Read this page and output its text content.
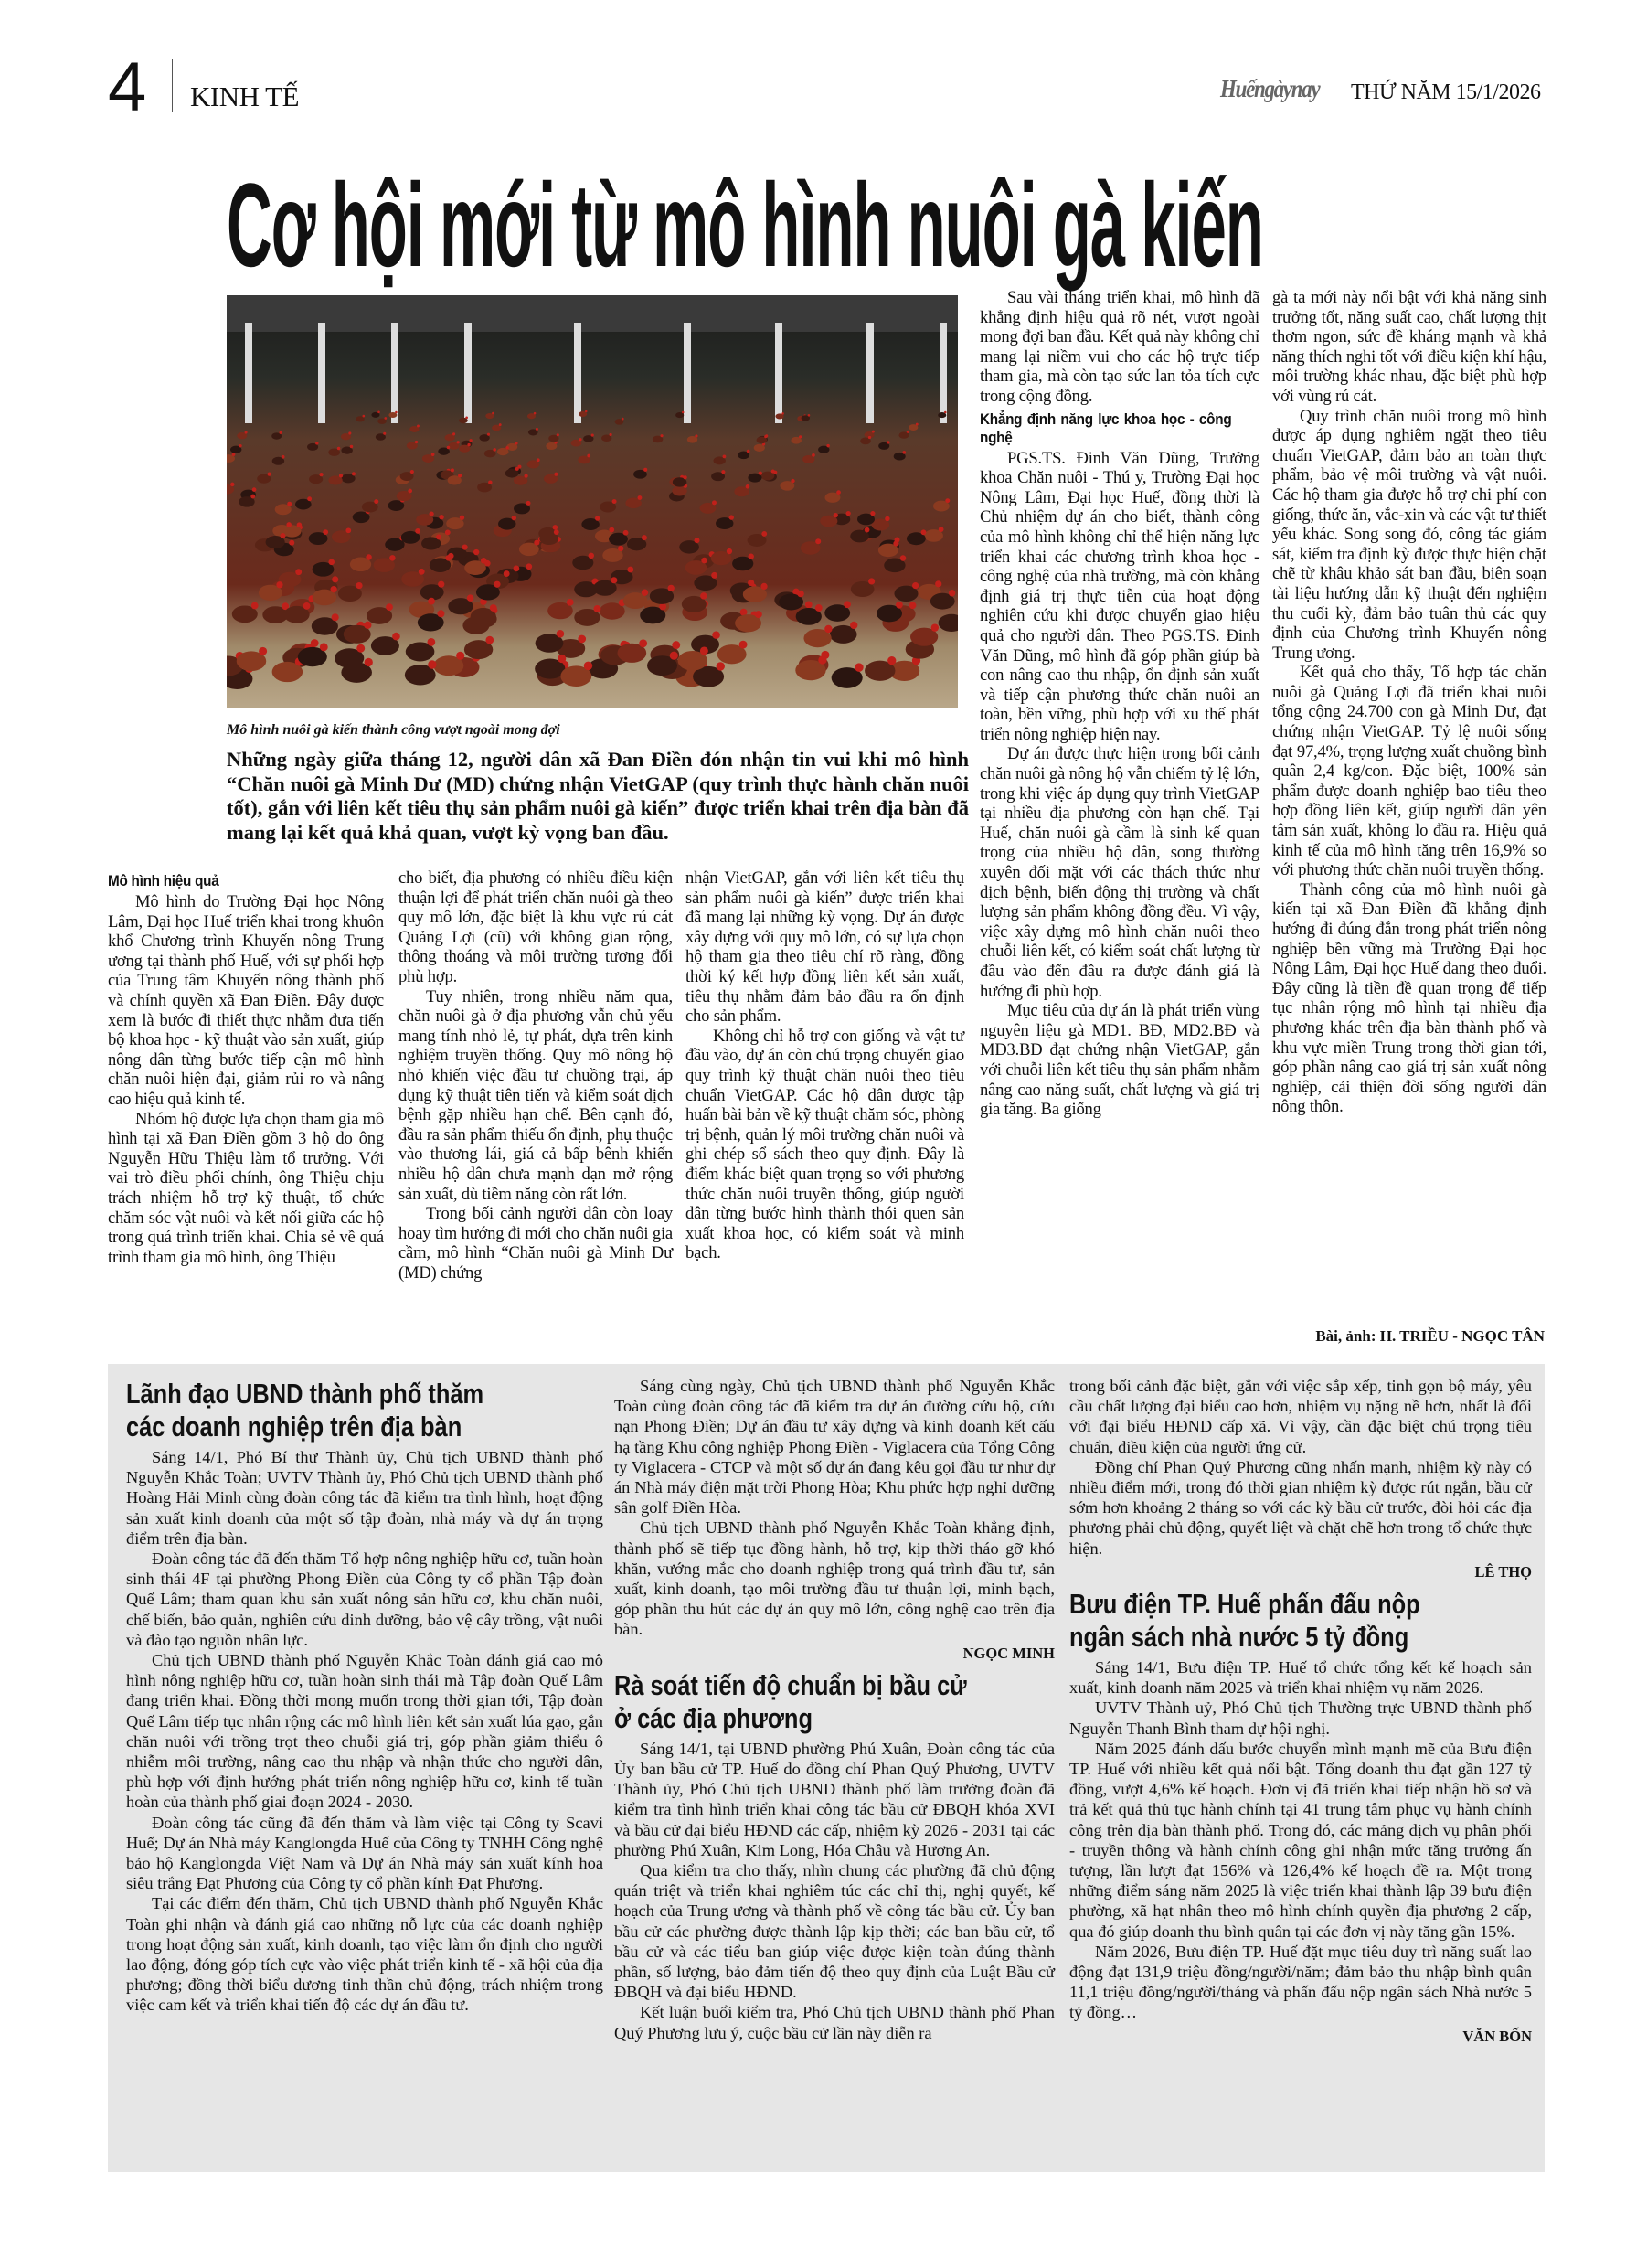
4 KINH TẾ	Huếngàynay THỨ NĂM 15/1/2026
Cơ hội mới từ mô hình nuôi gà kiến
Mô hình nuôi gà kiến thành công vượt ngoài mong đợi
Những ngày giữa tháng 12, người dân xã Đan Điền đón nhận tin vui khi mô hình “Chăn nuôi gà Minh Dư (MD) chứng nhận VietGAP (quy trình thực hành chăn nuôi tốt), gắn với liên kết tiêu thụ sản phẩm nuôi gà kiến” được triển khai trên địa bàn đã mang lại kết quả khả quan, vượt kỳ vọng ban đầu.
Mô hình hiệu quả

Mô hình do Trường Đại học Nông Lâm, Đại học Huế triển khai trong khuôn khổ Chương trình Khuyến nông Trung ương tại thành phố Huế, với sự phối hợp của Trung tâm Khuyến nông thành phố và chính quyền xã Đan Điền. Đây được xem là bước đi thiết thực nhằm đưa tiến bộ khoa học - kỹ thuật vào sản xuất, giúp nông dân từng bước tiếp cận mô hình chăn nuôi hiện đại, giảm rủi ro và nâng cao hiệu quả kinh tế.

Nhóm hộ được lựa chọn tham gia mô hình tại xã Đan Điền gồm 3 hộ do ông Nguyễn Hữu Thiệu làm tổ trưởng. Với vai trò điều phối chính, ông Thiệu chịu trách nhiệm hỗ trợ kỹ thuật, tổ chức chăm sóc vật nuôi và kết nối giữa các hộ trong quá trình triển khai. Chia sẻ về quá trình tham gia mô hình, ông Thiệu

cho biết, địa phương có nhiều điều kiện thuận lợi để phát triển chăn nuôi gà theo quy mô lớn, đặc biệt là khu vực rú cát Quảng Lợi (cũ) với không gian rộng, thông thoáng và môi trường tương đối phù hợp.

Tuy nhiên, trong nhiều năm qua, chăn nuôi gà ở địa phương vẫn chủ yếu mang tính nhỏ lẻ, tự phát, dựa trên kinh nghiệm truyền thống. Quy mô nông hộ nhỏ khiến việc đầu tư chuồng trại, áp dụng kỹ thuật tiên tiến và kiểm soát dịch bệnh gặp nhiều hạn chế. Bên cạnh đó, đầu ra sản phẩm thiếu ổn định, phụ thuộc vào thương lái, giá cả bấp bênh khiến nhiều hộ dân chưa mạnh dạn mở rộng sản xuất, dù tiềm năng còn rất lớn.

Trong bối cảnh người dân còn loay hoay tìm hướng đi mới cho chăn nuôi gia cầm, mô hình “Chăn nuôi gà Minh Dư (MD) chứng

nhận VietGAP, gắn với liên kết tiêu thụ sản phẩm nuôi gà kiến” được triển khai đã mang lại những kỳ vọng. Dự án được xây dựng với quy mô lớn, có sự lựa chọn hộ tham gia theo tiêu chí rõ ràng, đồng thời ký kết hợp đồng liên kết sản xuất, tiêu thụ nhằm đảm bảo đầu ra ổn định cho sản phẩm.

Không chỉ hỗ trợ con giống và vật tư đầu vào, dự án còn chú trọng chuyển giao quy trình kỹ thuật chăn nuôi theo tiêu chuẩn VietGAP. Các hộ dân được tập huấn bài bản về kỹ thuật chăm sóc, phòng trị bệnh, quản lý môi trường chăn nuôi và ghi chép sổ sách theo quy định. Đây là điểm khác biệt quan trọng so với phương thức chăn nuôi truyền thống, giúp người dân từng bước hình thành thói quen sản xuất khoa học, có kiểm soát và minh bạch.

Sau vài tháng triển khai, mô hình đã khẳng định hiệu quả rõ nét, vượt ngoài mong đợi ban đầu. Kết quả này không chỉ mang lại niềm vui cho các hộ trực tiếp tham gia, mà còn tạo sức lan tỏa tích cực trong cộng đồng.

Khẳng định năng lực khoa học - công nghệ

PGS.TS. Đinh Văn Dũng, Trưởng khoa Chăn nuôi - Thú y, Trường Đại học Nông Lâm, Đại học Huế, đồng thời là Chủ nhiệm dự án cho biết, thành công của mô hình không chỉ thể hiện năng lực triển khai các chương trình khoa học - công nghệ của nhà trường, mà còn khẳng định giá trị thực tiễn của hoạt động nghiên cứu khi được chuyển giao hiệu quả cho người dân. Theo PGS.TS. Đinh Văn Dũng, mô hình đã góp phần giúp bà con nâng cao thu nhập, ổn định sản xuất và tiếp cận phương thức chăn nuôi an toàn, bền vững, phù hợp với xu thế phát triển nông nghiệp hiện nay.

Dự án được thực hiện trong bối cảnh chăn nuôi gà nông hộ vẫn chiếm tỷ lệ lớn, trong khi việc áp dụng quy trình VietGAP tại nhiều địa phương còn hạn chế. Tại Huế, chăn nuôi gà cầm là sinh kế quan trọng của nhiều hộ dân, song thường xuyên đối mặt với các thách thức như dịch bệnh, biến động thị trường và chất lượng sản phẩm không đồng đều. Vì vậy, việc xây dựng mô hình chăn nuôi theo chuỗi liên kết, có kiểm soát chất lượng từ đầu vào đến đầu ra được đánh giá là hướng đi phù hợp.

Mục tiêu của dự án là phát triển vùng nguyên liệu gà MD1. BĐ, MD2.BĐ và MD3.BĐ đạt chứng nhận VietGAP, gắn với chuỗi liên kết tiêu thụ sản phẩm nhằm nâng cao năng suất, chất lượng và giá trị gia tăng. Ba giống

gà ta mới này nổi bật với khả năng sinh trưởng tốt, năng suất cao, chất lượng thịt thơm ngon, sức đề kháng mạnh và khả năng thích nghi tốt với điều kiện khí hậu, môi trường khác nhau, đặc biệt phù hợp với vùng rú cát.

Quy trình chăn nuôi trong mô hình được áp dụng nghiêm ngặt theo tiêu chuẩn VietGAP, đảm bảo an toàn thực phẩm, bảo vệ môi trường và vật nuôi. Các hộ tham gia được hỗ trợ chi phí con giống, thức ăn, vắc-xin và các vật tư thiết yếu khác. Song song đó, công tác giám sát, kiểm tra định kỳ được thực hiện chặt chẽ từ khâu khảo sát ban đầu, biên soạn tài liệu hướng dẫn kỹ thuật đến nghiệm thu cuối kỳ, đảm bảo tuân thủ các quy định của Chương trình Khuyến nông Trung ương.

Kết quả cho thấy, Tổ hợp tác chăn nuôi gà Quảng Lợi đã triển khai nuôi tổng cộng 24.700 con gà Minh Dư, đạt chứng nhận VietGAP. Tỷ lệ nuôi sống đạt 97,4%, trọng lượng xuất chuồng bình quân 2,4 kg/con. Đặc biệt, 100% sản phẩm được doanh nghiệp bao tiêu theo hợp đồng liên kết, giúp người dân yên tâm sản xuất, không lo đầu ra. Hiệu quả kinh tế của mô hình tăng trên 16,9% so với phương thức chăn nuôi truyền thống.

Thành công của mô hình nuôi gà kiến tại xã Đan Điền đã khẳng định hướng đi đúng đắn trong phát triển nông nghiệp bền vững mà Trường Đại học Nông Lâm, Đại học Huế đang theo đuổi. Đây cũng là tiền đề quan trọng để tiếp tục nhân rộng mô hình tại nhiều địa phương khác trên địa bàn thành phố và khu vực miền Trung trong thời gian tới, góp phần nâng cao giá trị sản xuất nông nghiệp, cải thiện đời sống người dân nông thôn.

Bài, ảnh: H. TRIỀU - NGỌC TÂN
Lãnh đạo UBND thành phố thăm
các doanh nghiệp trên địa bàn

Sáng 14/1, Phó Bí thư Thành ủy, Chủ tịch UBND thành phố Nguyễn Khắc Toàn; UVTV Thành ủy, Phó Chủ tịch UBND thành phố Hoàng Hải Minh cùng đoàn công tác đã kiểm tra tình hình, hoạt động sản xuất kinh doanh của một số tập đoàn, nhà máy và dự án trọng điểm trên địa bàn.

Đoàn công tác đã đến thăm Tổ hợp nông nghiệp hữu cơ, tuần hoàn sinh thái 4F tại phường Phong Điền của Công ty cổ phần Tập đoàn Quế Lâm; tham quan khu sản xuất nông sản hữu cơ, khu chăn nuôi, chế biến, bảo quản, nghiên cứu dinh dưỡng, bảo vệ cây trồng, vật nuôi và đào tạo nguồn nhân lực.

Chủ tịch UBND thành phố Nguyễn Khắc Toàn đánh giá cao mô hình nông nghiệp hữu cơ, tuần hoàn sinh thái mà Tập đoàn Quế Lâm đang triển khai. Đồng thời mong muốn trong thời gian tới, Tập đoàn Quế Lâm tiếp tục nhân rộng các mô hình liên kết sản xuất lúa gạo, gắn chăn nuôi với trồng trọt theo chuỗi giá trị, góp phần giảm thiểu ô nhiễm môi trường, nâng cao thu nhập và nhận thức cho người dân, phù hợp với định hướng phát triển nông nghiệp hữu cơ, kinh tế tuần hoàn của thành phố giai đoạn 2024 - 2030.

Đoàn công tác cũng đã đến thăm và làm việc tại Công ty Scavi Huế; Dự án Nhà máy Kanglongda Huế của Công ty TNHH Công nghệ bảo hộ Kanglongda Việt Nam và Dự án Nhà máy sản xuất kính hoa siêu trắng Đạt Phương của Công ty cổ phần kính Đạt Phương.

Tại các điểm đến thăm, Chủ tịch UBND thành phố Nguyễn Khắc Toàn ghi nhận và đánh giá cao những nỗ lực của các doanh nghiệp trong hoạt động sản xuất, kinh doanh, tạo việc làm ổn định cho người lao động, đóng góp tích cực vào việc phát triển kinh tế - xã hội của địa phương; đồng thời biểu dương tinh thần chủ động, trách nhiệm trong việc cam kết và triển khai tiến độ các dự án đầu tư.

Sáng cùng ngày, Chủ tịch UBND thành phố Nguyễn Khắc Toàn cùng đoàn công tác đã kiểm tra dự án đường cứu hộ, cứu nạn Phong Điền; Dự án đầu tư xây dựng và kinh doanh kết cấu hạ tầng Khu công nghiệp Phong Điền - Viglacera của Tổng Công ty Viglacera - CTCP và một số dự án đang kêu gọi đầu tư như dự án Nhà máy điện mặt trời Phong Hòa; Khu phức hợp nghỉ dưỡng sân golf Điền Hòa.

Chủ tịch UBND thành phố Nguyễn Khắc Toàn khẳng định, thành phố sẽ tiếp tục đồng hành, hỗ trợ, kịp thời tháo gỡ khó khăn, vướng mắc cho doanh nghiệp trong quá trình đầu tư, sản xuất, kinh doanh, tạo môi trường đầu tư thuận lợi, minh bạch, góp phần thu hút các dự án quy mô lớn, công nghệ cao trên địa bàn.

NGỌC MINH
Rà soát tiến độ chuẩn bị bầu cử
ở các địa phương

Sáng 14/1, tại UBND phường Phú Xuân, Đoàn công tác của Ủy ban bầu cử TP. Huế do đồng chí Phan Quý Phương, UVTV Thành ủy, Phó Chủ tịch UBND thành phố làm trưởng đoàn đã kiểm tra tình hình triển khai công tác bầu cử ĐBQH khóa XVI và bầu cử đại biểu HĐND các cấp, nhiệm kỳ 2026 - 2031 tại các phường Phú Xuân, Kim Long, Hóa Châu và Hương An.

Qua kiểm tra cho thấy, nhìn chung các phường đã chủ động quán triệt và triển khai nghiêm túc các chỉ thị, nghị quyết, kế hoạch của Trung ương và thành phố về công tác bầu cử. Ủy ban bầu cử các phường được thành lập kịp thời; các ban bầu cử, tổ bầu cử và các tiểu ban giúp việc được kiện toàn đúng thành phần, số lượng, bảo đảm tiến độ theo quy định của Luật Bầu cử ĐBQH và đại biểu HĐND.

Kết luận buổi kiểm tra, Phó Chủ tịch UBND thành phố Phan Quý Phương lưu ý, cuộc bầu cử lần này diễn ra

trong bối cảnh đặc biệt, gắn với việc sắp xếp, tinh gọn bộ máy, yêu cầu chất lượng đại biểu cao hơn, nhiệm vụ nặng nề hơn, nhất là đối với đại biểu HĐND cấp xã. Vì vậy, cần đặc biệt chú trọng tiêu chuẩn, điều kiện của người ứng cử.

Đồng chí Phan Quý Phương cũng nhấn mạnh, nhiệm kỳ này có nhiều điểm mới, trong đó thời gian nhiệm kỳ được rút ngắn, bầu cử sớm hơn khoảng 2 tháng so với các kỳ bầu cử trước, đòi hỏi các địa phương phải chủ động, quyết liệt và chặt chẽ hơn trong tổ chức thực hiện.

LÊ THỌ
Bưu điện TP. Huế phấn đấu nộp
ngân sách nhà nước 5 tỷ đồng

Sáng 14/1, Bưu điện TP. Huế tổ chức tổng kết kế hoạch sản xuất, kinh doanh năm 2025 và triển khai nhiệm vụ năm 2026.

UVTV Thành uỷ, Phó Chủ tịch Thường trực UBND thành phố Nguyễn Thanh Bình tham dự hội nghị.

Năm 2025 đánh dấu bước chuyển mình mạnh mẽ của Bưu điện TP. Huế với nhiều kết quả nổi bật. Tổng doanh thu đạt gần 127 tỷ đồng, vượt 4,6% kế hoạch. Đơn vị đã triển khai tiếp nhận hồ sơ và trả kết quả thủ tục hành chính tại 41 trung tâm phục vụ hành chính công trên địa bàn thành phố. Trong đó, các mảng dịch vụ phân phối - truyền thông và hành chính công ghi nhận mức tăng trưởng ấn tượng, lần lượt đạt 156% và 126,4% kế hoạch đề ra. Một trong những điểm sáng năm 2025 là việc triển khai thành lập 39 bưu điện phường, xã hạt nhân theo mô hình chính quyền địa phương 2 cấp, qua đó giúp doanh thu bình quân tại các đơn vị này tăng gần 15%.

Năm 2026, Bưu điện TP. Huế đặt mục tiêu duy trì năng suất lao động đạt 131,9 triệu đồng/người/năm; đảm bảo thu nhập bình quân 11,1 triệu đồng/người/tháng và phấn đấu nộp ngân sách Nhà nước 5 tỷ đồng…

VĂN BỐN
